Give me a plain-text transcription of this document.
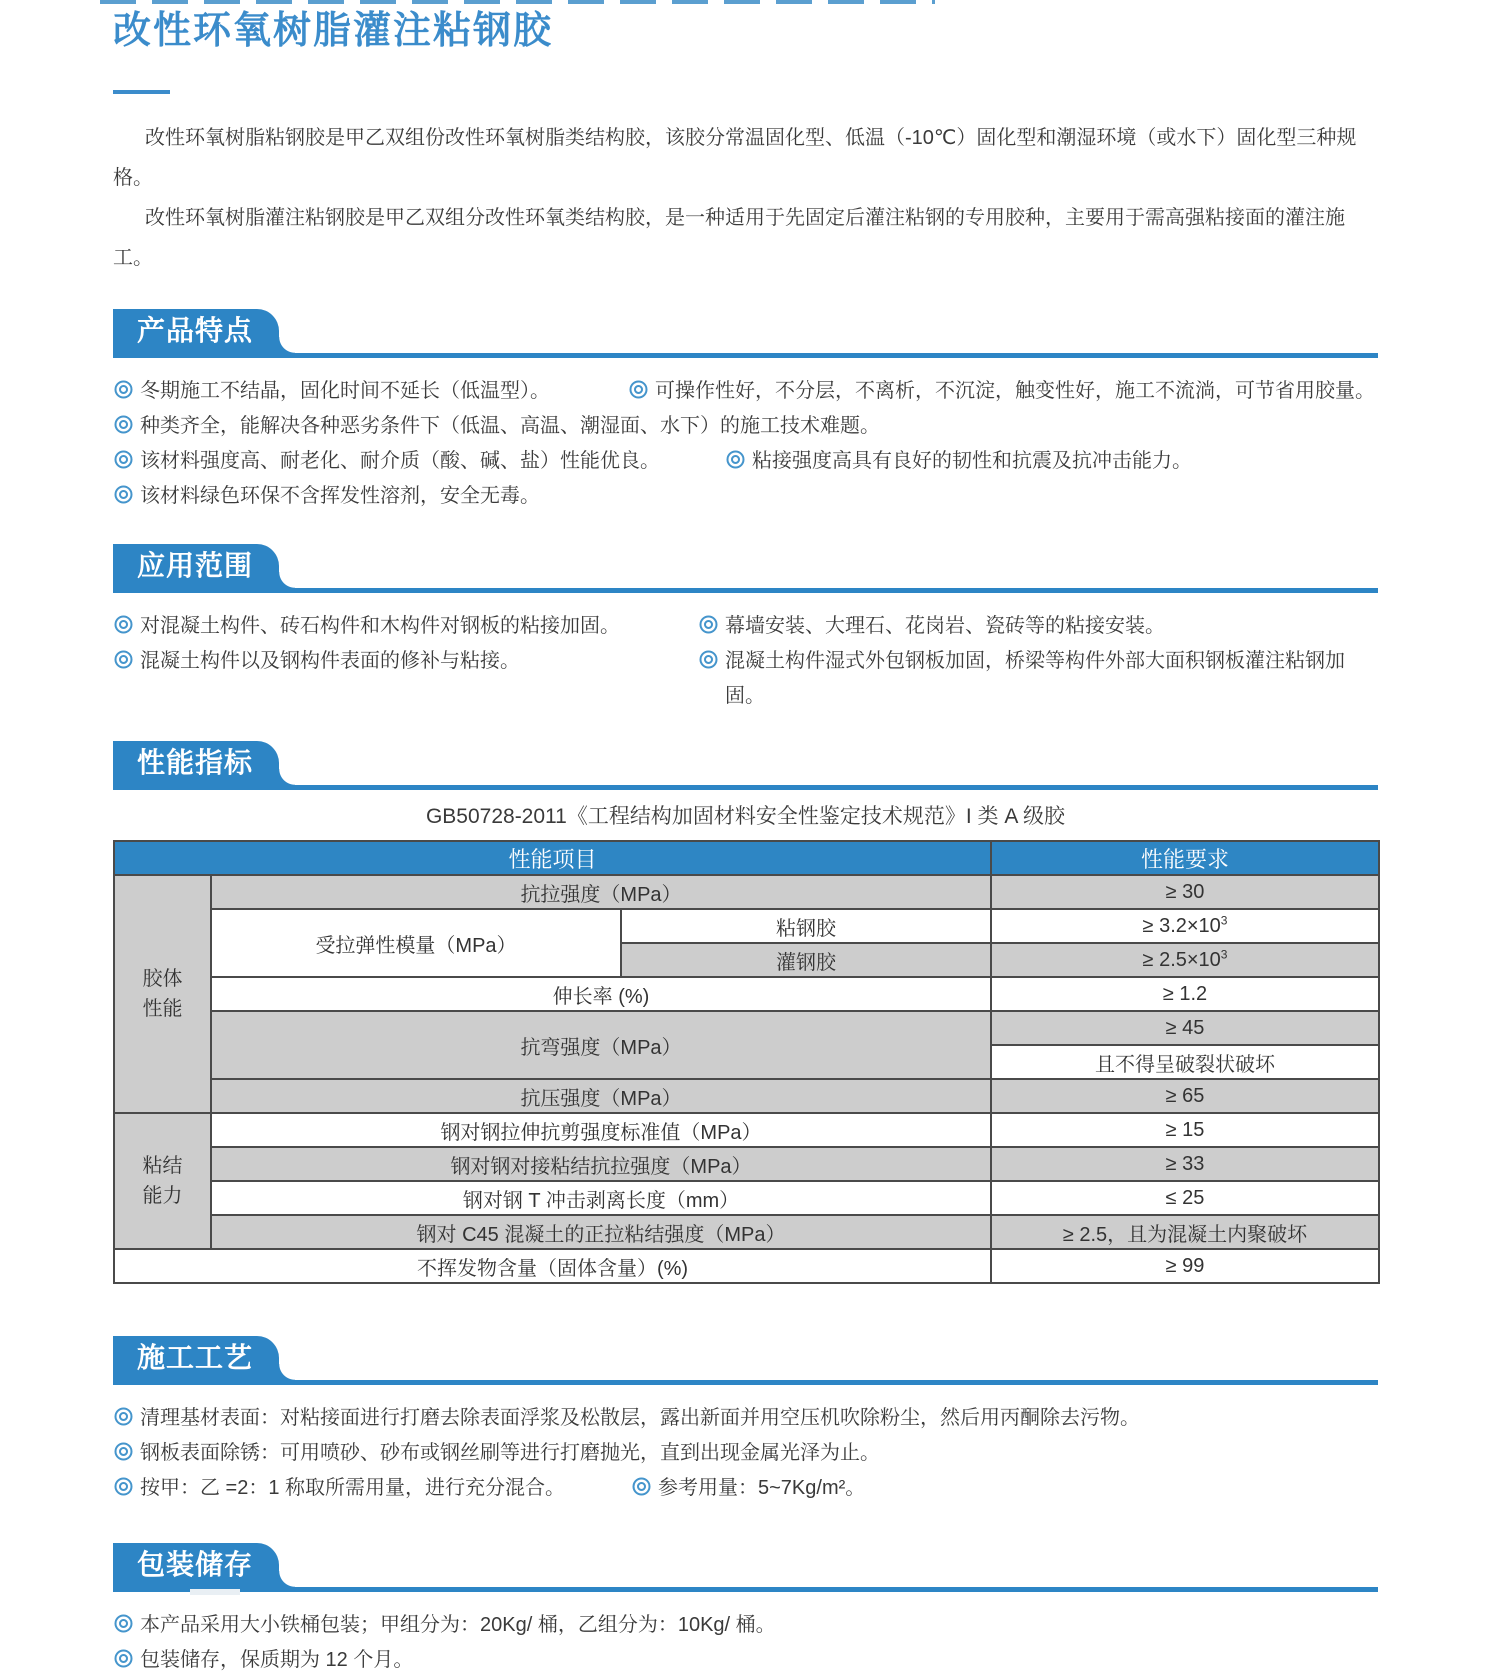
改性环氧树脂灌注粘钢胶

改性环氧树脂粘钢胶是甲乙双组份改性环氧树脂类结构胶，该胶分常温固化型、低温（-10℃）固化型和潮湿环境（或水下）固化型三种规格。

改性环氧树脂灌注粘钢胶是甲乙双组分改性环氧类结构胶，是一种适用于先固定后灌注粘钢的专用胶种，主要用于需高强粘接面的灌注施工。

产品特点
冬期施工不结晶，固化时间不延长（低温型）。	可操作性好，不分层，不离析，不沉淀，触变性好，施工不流淌，可节省用胶量。
种类齐全，能解决各种恶劣条件下（低温、高温、潮湿面、水下）的施工技术难题。
该材料强度高、耐老化、耐介质（酸、碱、盐）性能优良。	粘接强度高具有良好的韧性和抗震及抗冲击能力。
该材料绿色环保不含挥发性溶剂，安全无毒。
应用范围
对混凝土构件、砖石构件和木构件对钢板的粘接加固。	幕墙安装、大理石、花岗岩、瓷砖等的粘接安装。
混凝土构件以及钢构件表面的修补与粘接。	混凝土构件湿式外包钢板加固，桥梁等构件外部大面积钢板灌注粘钢加固。
性能指标
GB50728-2011《工程结构加固材料安全性鉴定技术规范》I 类 A 级胶
性能项目			性能要求
胶体性能	抗拉强度（MPa）		≥ 30
	受拉弹性模量（MPa）	粘钢胶	≥ $3.2\times 10^3$
		灌钢胶	≥ $2.5\times 10^3$
	伸长率 (%)		≥ 1.2
	抗弯强度（MPa）		≥ 45
			且不得呈破裂状破坏
	抗压强度（MPa）		≥ 65
粘结能力	钢对钢拉伸抗剪强度标准值（MPa）		≥ 15
	钢对钢对接粘结抗拉强度（MPa）		≥ 33
	钢对钢 T 冲击剥离长度（mm）		≤ 25
	钢对 C45 混凝土的正拉粘结强度（MPa）		≥ 2.5，且为混凝土内聚破坏
不挥发物含量（固体含量）(%)			≥ 99
施工工艺
清理基材表面：对粘接面进行打磨去除表面浮浆及松散层，露出新面并用空压机吹除粉尘，然后用丙酮除去污物。
钢板表面除锈：可用喷砂、砂布或钢丝刷等进行打磨抛光，直到出现金属光泽为止。
按甲：乙 =2：1 称取所需用量，进行充分混合。	参考用量：5~7Kg/m²。
包装储存
本产品采用大小铁桶包装；甲组分为：20Kg/ 桶，乙组分为：10Kg/ 桶。
包装储存，保质期为 12 个月。
